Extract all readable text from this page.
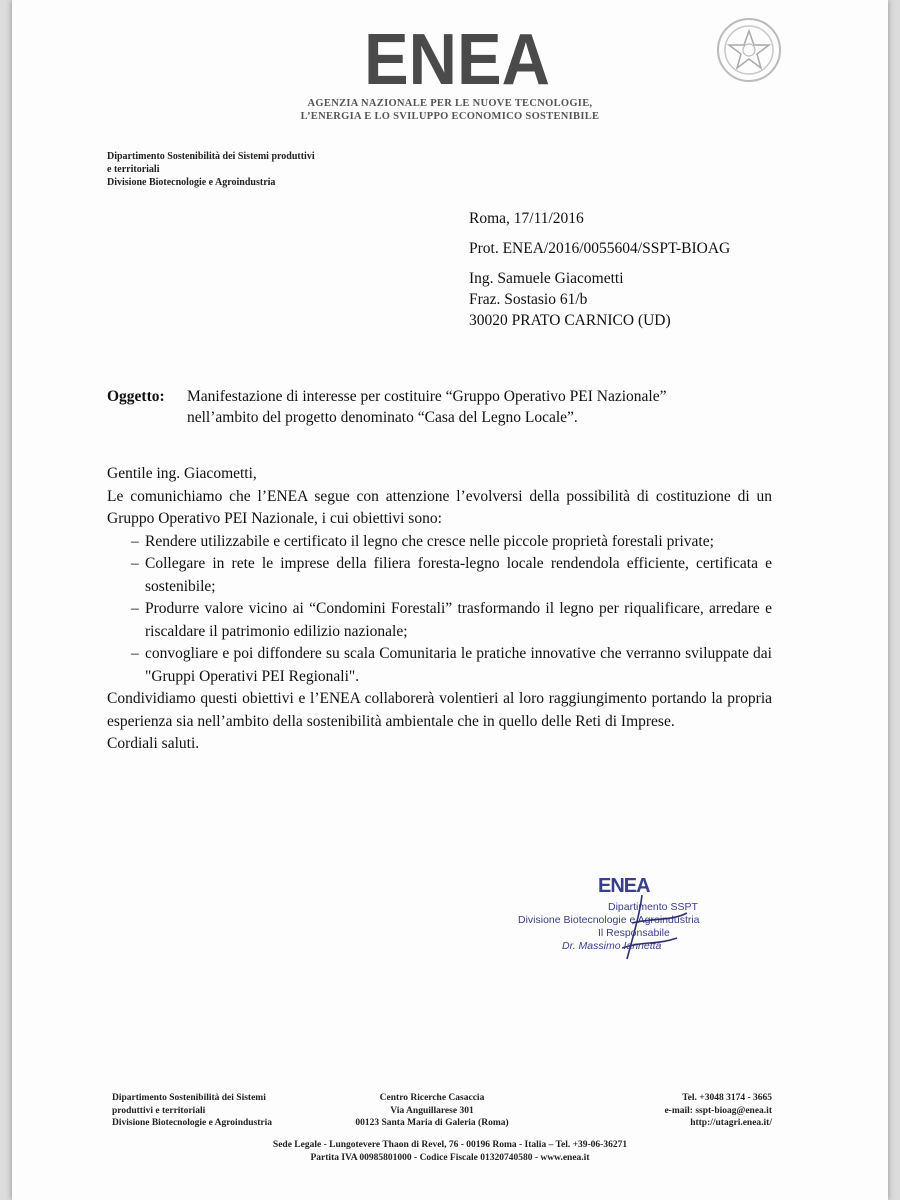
ENEA
AGENZIA NAZIONALE PER LE NUOVE TECNOLOGIE,
L’ENERGIA E LO SVILUPPO ECONOMICO SOSTENIBILE
Dipartimento Sostenibilità dei Sistemi produttivi
e territoriali
Divisione Biotecnologie e Agroindustria
Roma, 17/11/2016
Prot. ENEA/2016/0055604/SSPT-BIOAG
Ing. Samuele Giacometti
Fraz. Sostasio 61/b
30020 PRATO CARNICO (UD)
Oggetto: Manifestazione di interesse per costituire “Gruppo Operativo PEI Nazionale”
nell’ambito del progetto denominato “Casa del Legno Locale”.

Gentile ing. Giacometti,

Le comunichiamo che l’ENEA segue con attenzione l’evolversi della possibilità di costituzione di un Gruppo Operativo PEI Nazionale, i cui obiettivi sono:

– Rendere utilizzabile e certificato il legno che cresce nelle piccole proprietà forestali private;
– Collegare in rete le imprese della filiera foresta-legno locale rendendola efficiente, certificata e sostenibile;
– Produrre valore vicino ai “Condomini Forestali” trasformando il legno per riqualificare, arredare e riscaldare il patrimonio edilizio nazionale;
– convogliare e poi diffondere su scala Comunitaria le pratiche innovative che verranno sviluppate dai "Gruppi Operativi PEI Regionali".

Condividiamo questi obiettivi e l’ENEA collaborerà volentieri al loro raggiungimento portando la propria esperienza sia nell’ambito della sostenibilità ambientale che in quello delle Reti di Imprese.

Cordiali saluti.

ENEA
Dipartimento SSPT
Divisione Biotecnologie e Agroindustria
Il Responsabile
Dr. Massimo Iannetta
Dipartimento Sostenibilità dei Sistemi
produttivi e territoriali
Divisione Biotecnologie e Agroindustria
Centro Ricerche Casaccia
Via Anguillarese 301
00123 Santa Maria di Galeria (Roma)
Tel. +3048 3174 - 3665
e-mail: sspt-bioag@enea.it
http://utagri.enea.it/
Sede Legale - Lungotevere Thaon di Revel, 76 - 00196 Roma - Italia – Tel. +39-06-36271
Partita IVA 00985801000 - Codice Fiscale 01320740580 - www.enea.it
